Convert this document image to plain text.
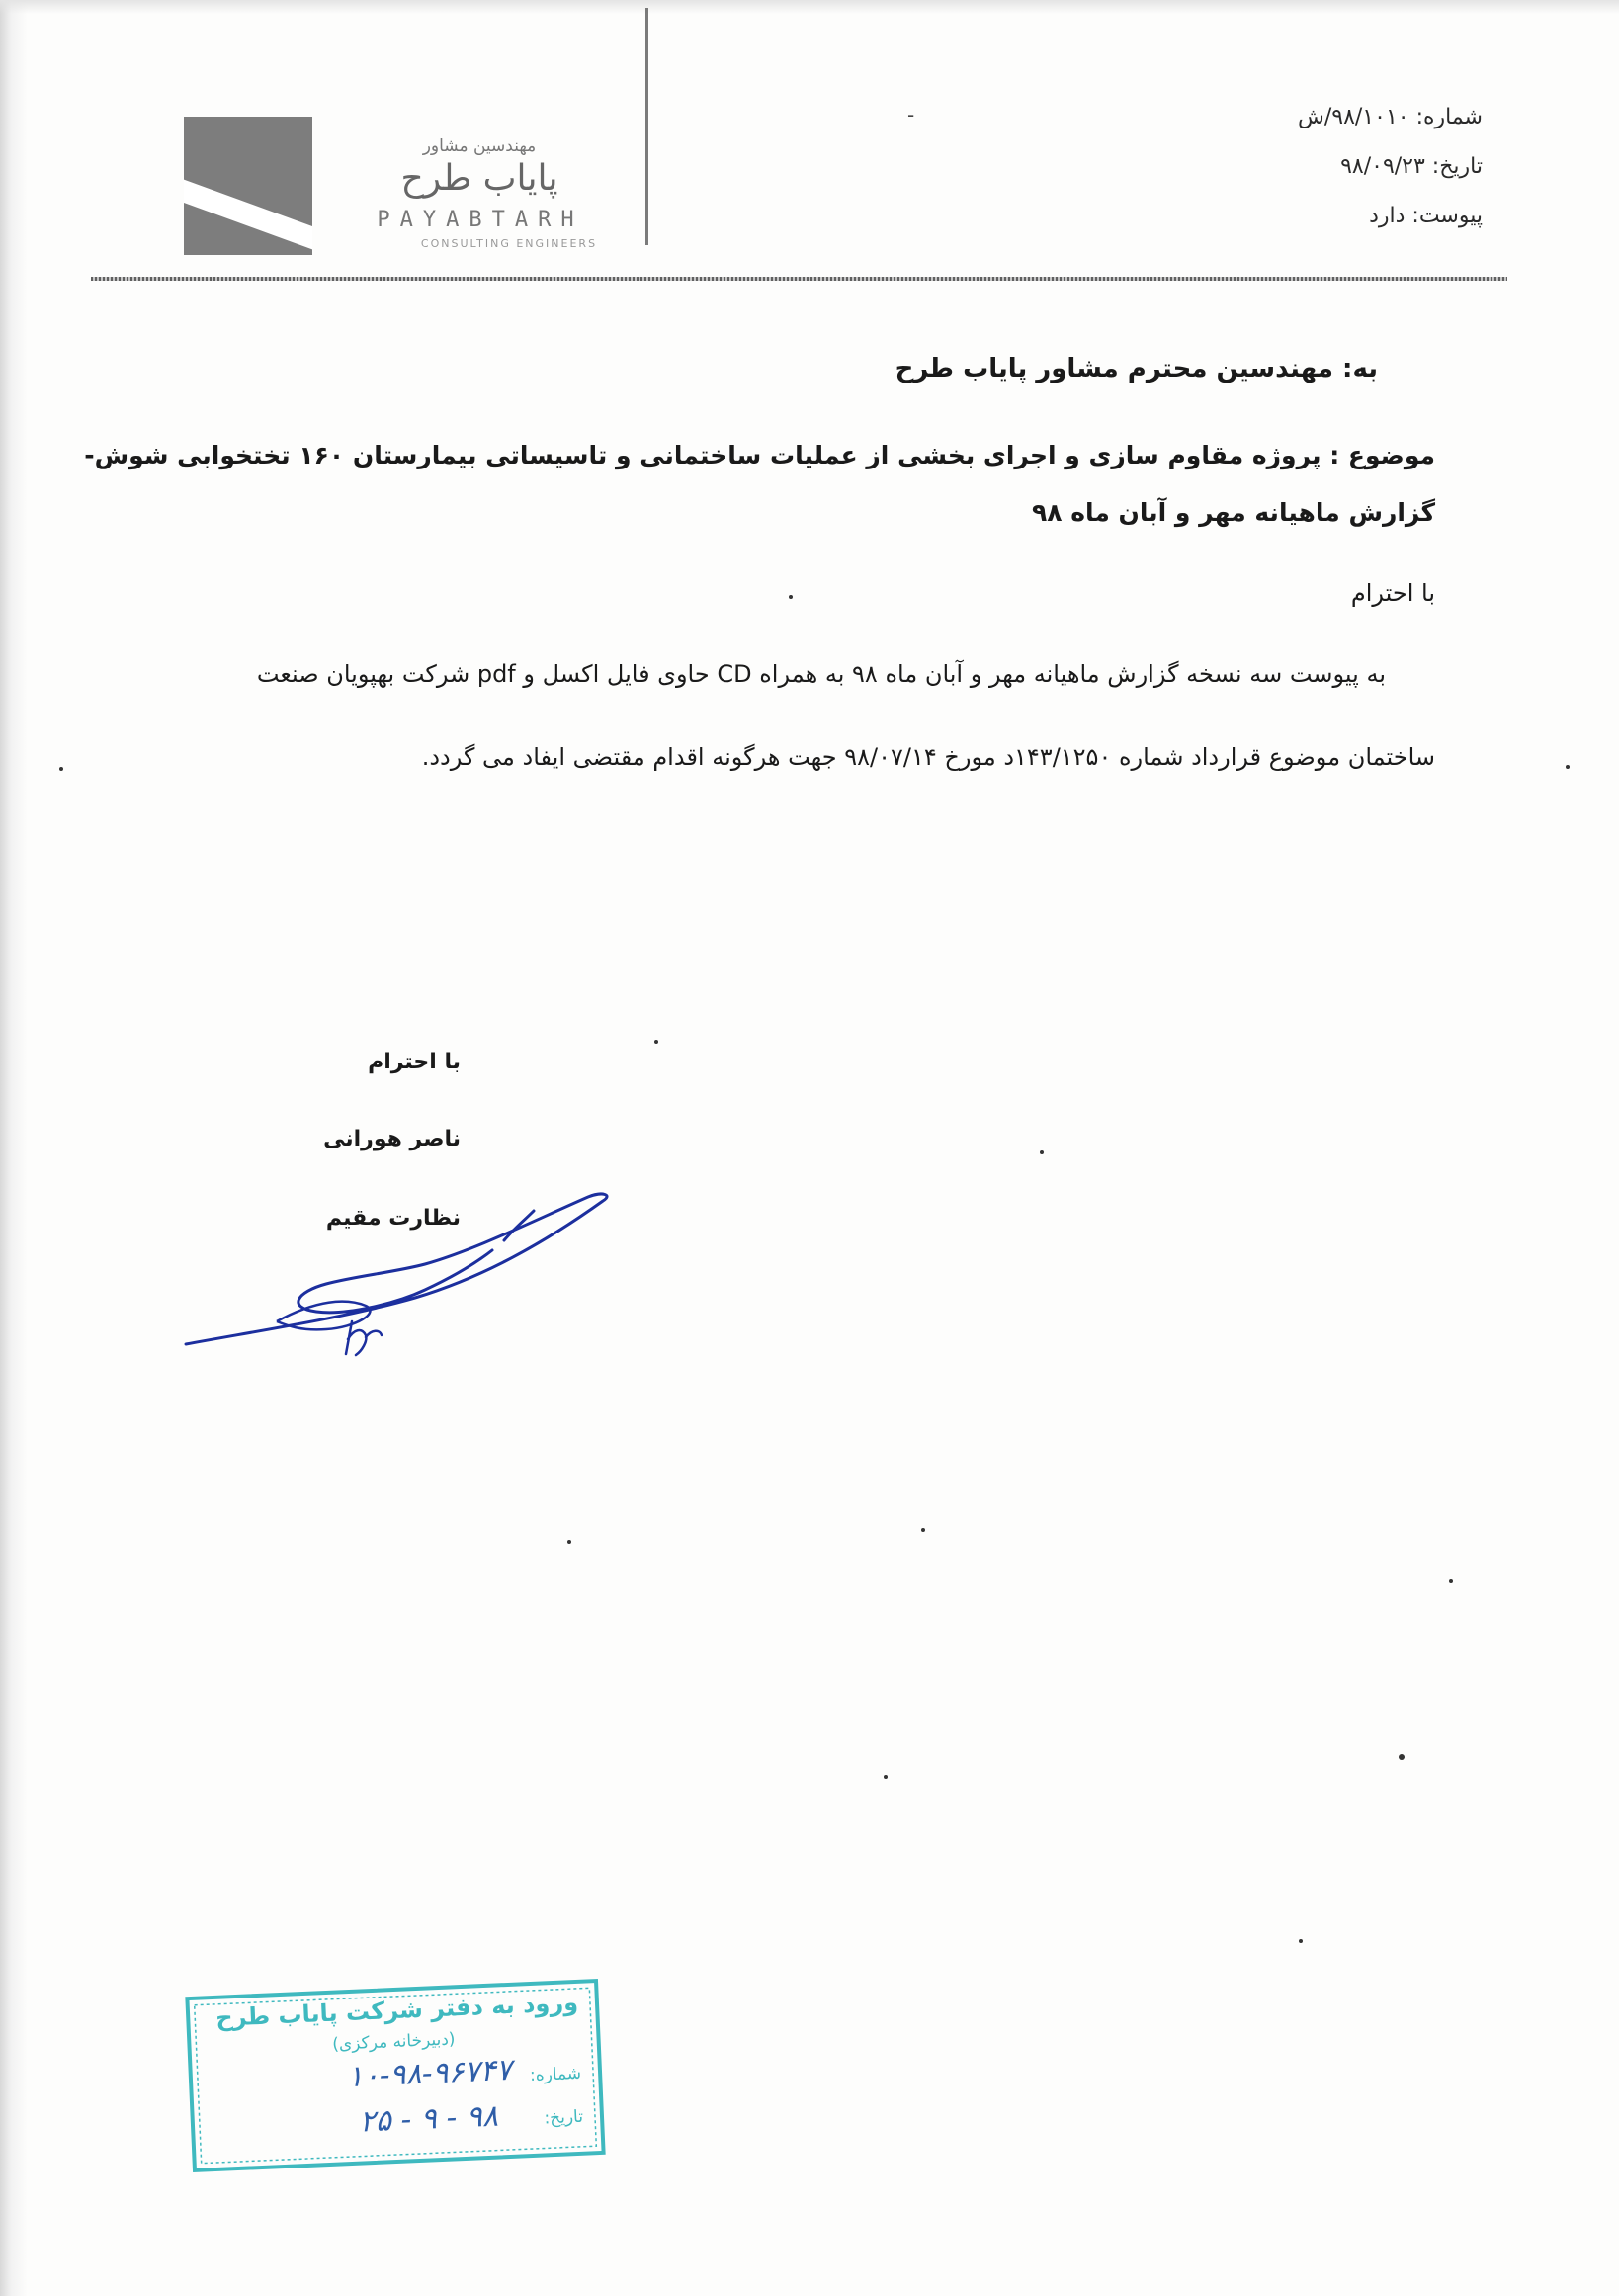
مهندسین مشاور
پایاب طرح
PAYABTARH
CONSULTING ENGINEERS
-	شماره: ۹۸/۱۰۱۰/ش
تاریخ: ۹۸/۰۹/۲۳
پیوست: دارد
به: مهندسین محترم مشاور پایاب طرح
موضوع : پروژه مقاوم سازی و اجرای بخشی از عملیات ساختمانی و تاسیساتی بیمارستان ۱۶۰ تختخوابی شوش-
گزارش ماهیانه مهر و آبان ماه ۹۸
با احترام
به پیوست سه نسخه گزارش ماهیانه مهر و آبان ماه ۹۸ به همراه CD حاوی فایل اکسل و pdf شرکت بهپویان صنعت
ساختمان موضوع قرارداد شماره ۱۴۳/۱۲۵۰د مورخ ۹۸/۰۷/۱۴ جهت هرگونه اقدام مقتضی ایفاد می گردد.
با احترام
ناصر هورانی
نظارت مقیم
ورود به دفتر شرکت پایاب طرح
(دبیرخانه مرکزی)
شماره:
۱۰-۹۸-۹۶۷۴۷
تاریخ:
۹۸ - ۹ - ۲۵
